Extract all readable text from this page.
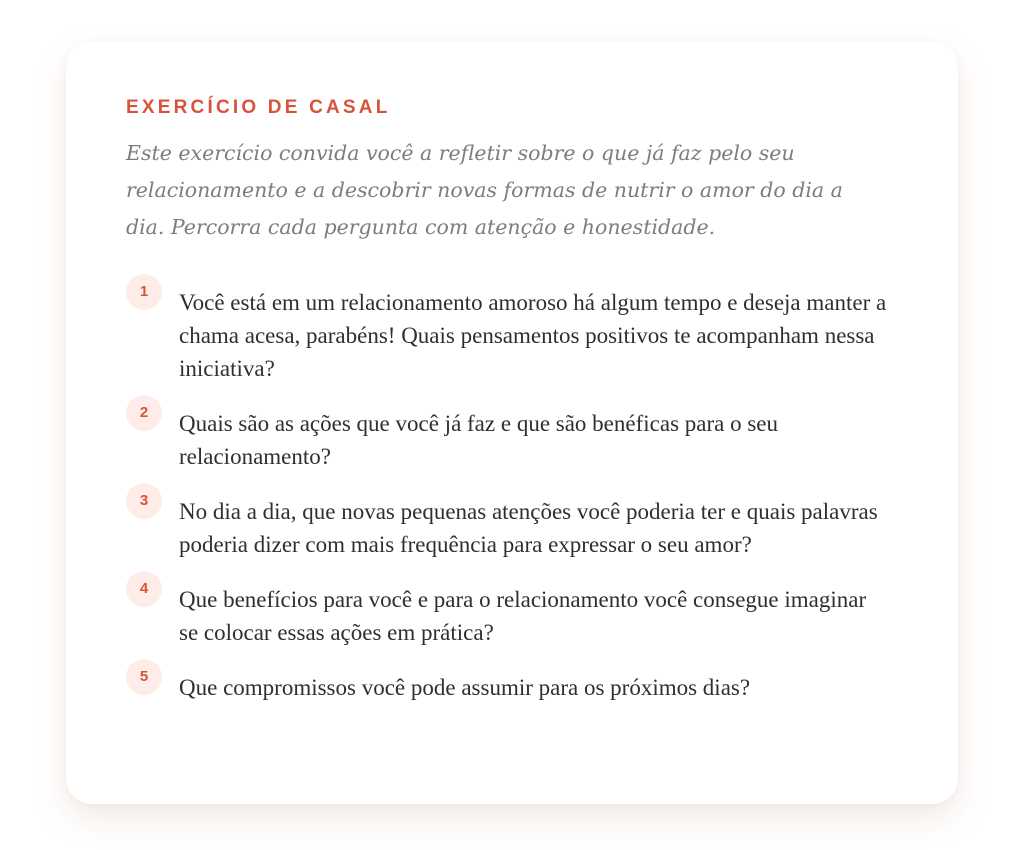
EXERCÍCIO DE CASAL

Este exercício convida você a refletir sobre o que já faz pelo seu relacionamento e a descobrir novas formas de nutrir o amor do dia a dia. Percorra cada pergunta com atenção e honestidade.

1	Você está em um relacionamento amoroso há algum tempo e deseja manter a chama acesa, parabéns! Quais pensamentos positivos te acompanham nessa iniciativa?
2	Quais são as ações que você já faz e que são benéficas para o seu relacionamento?
3	No dia a dia, que novas pequenas atenções você poderia ter e quais palavras poderia dizer com mais frequência para expressar o seu amor?
4	Que benefícios para você e para o relacionamento você consegue imaginar se colocar essas ações em prática?
5	Que compromissos você pode assumir para os próximos dias?
